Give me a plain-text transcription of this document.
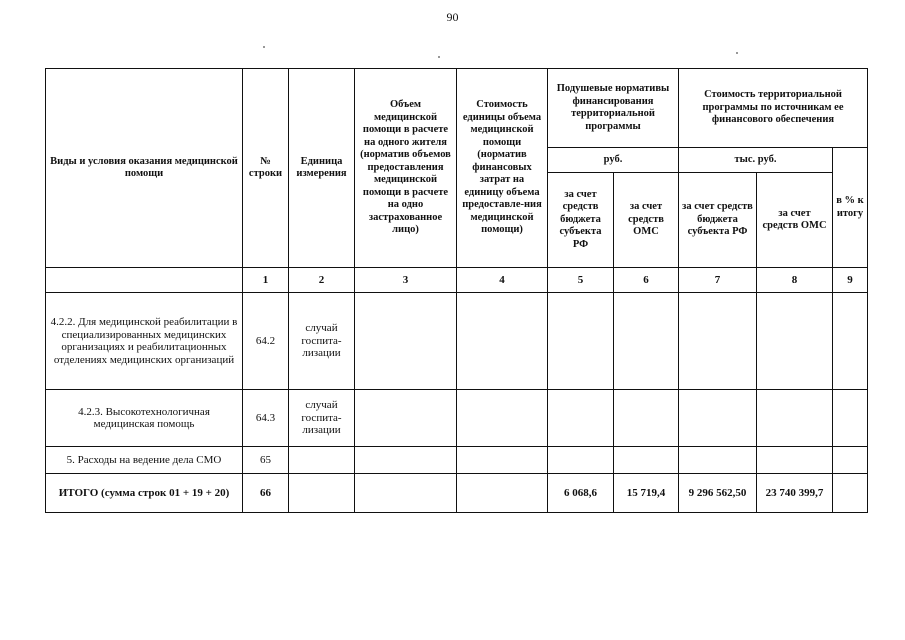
90
Виды и условия оказания медицинской помощи	№ строки	Единица измерения	Объем медицинской помощи в расчете на одного жителя (норматив объемов предоставления медицинской помощи в расчете на одно застрахованное лицо)	Стоимость единицы объема медицинской помощи (норматив финансовых затрат на единицу объема предоставле-ния медицинской помощи)	Подушевые нормативы финансирования территориальной программы		Стоимость территориальной программы по источникам ее финансового обеспечения		
					руб.		тыс. руб.		в % к итогу
					за счет средств бюджета субъекта РФ	за счет средств ОМС	за счет средств бюджета субъекта РФ	за счет средств ОМС	
	1	2	3	4	5	6	7	8	9
4.2.2. Для медицинской реабилитации в специализированных медицинских организациях и реабилитационных отделениях медицинских организаций	64.2	случай госпита-лизации							
4.2.3. Высокотехнологичная медицинская помощь	64.3	случай госпита-лизации							
5. Расходы на ведение дела СМО	65								
ИТОГО (сумма строк 01 + 19 + 20)	66				6 068,6	15 719,4	9 296 562,50	23 740 399,7	
